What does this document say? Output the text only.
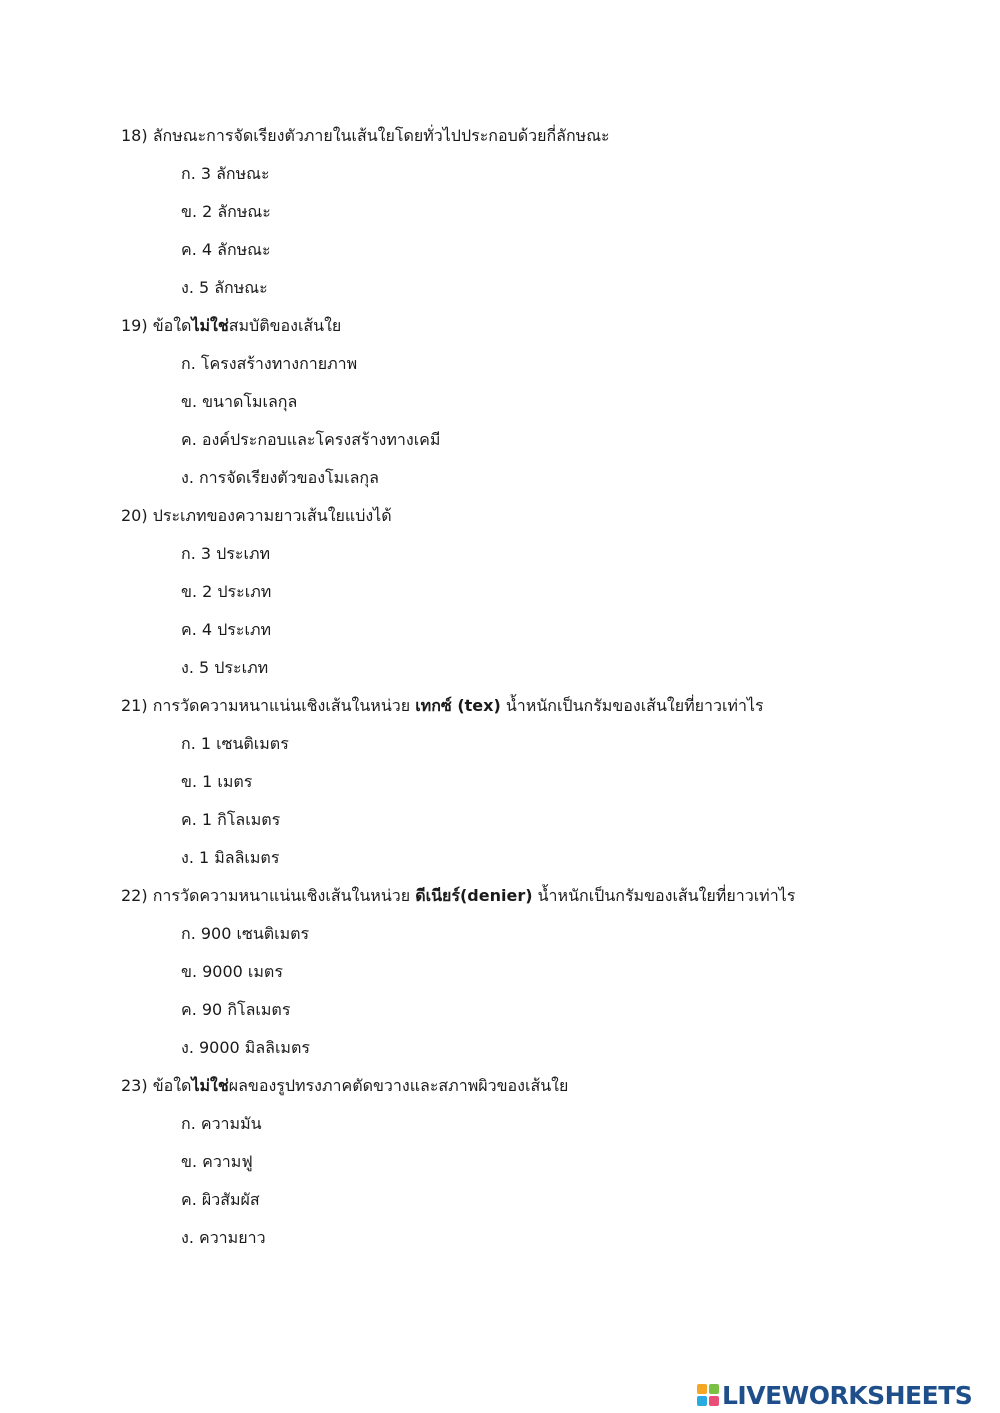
18) ลักษณะการจัดเรียงตัวภายในเส้นใยโดยทั่วไปประกอบด้วยกี่ลักษณะ
ก. 3 ลักษณะ
ข. 2 ลักษณะ
ค. 4 ลักษณะ
ง. 5 ลักษณะ
19) ข้อใดไม่ใช่สมบัติของเส้นใย
ก. โครงสร้างทางกายภาพ
ข. ขนาดโมเลกุล
ค. องค์ประกอบและโครงสร้างทางเคมี
ง. การจัดเรียงตัวของโมเลกุล
20) ประเภทของความยาวเส้นใยแบ่งได้
ก. 3 ประเภท
ข. 2 ประเภท
ค. 4 ประเภท
ง. 5 ประเภท
21) การวัดความหนาแน่นเชิงเส้นในหน่วย เทกซ์ (tex) น้ำหนักเป็นกรัมของเส้นใยที่ยาวเท่าไร
ก. 1 เซนติเมตร
ข. 1 เมตร
ค. 1 กิโลเมตร
ง. 1 มิลลิเมตร
22) การวัดความหนาแน่นเชิงเส้นในหน่วย ดีเนียร์(denier) น้ำหนักเป็นกรัมของเส้นใยที่ยาวเท่าไร
ก. 900 เซนติเมตร
ข. 9000 เมตร
ค. 90 กิโลเมตร
ง. 9000 มิลลิเมตร
23) ข้อใดไม่ใช่ผลของรูปทรงภาคตัดขวางและสภาพผิวของเส้นใย
ก. ความมัน
ข. ความฟู
ค. ผิวสัมผัส
ง. ความยาว
LIVEWORKSHEETS
